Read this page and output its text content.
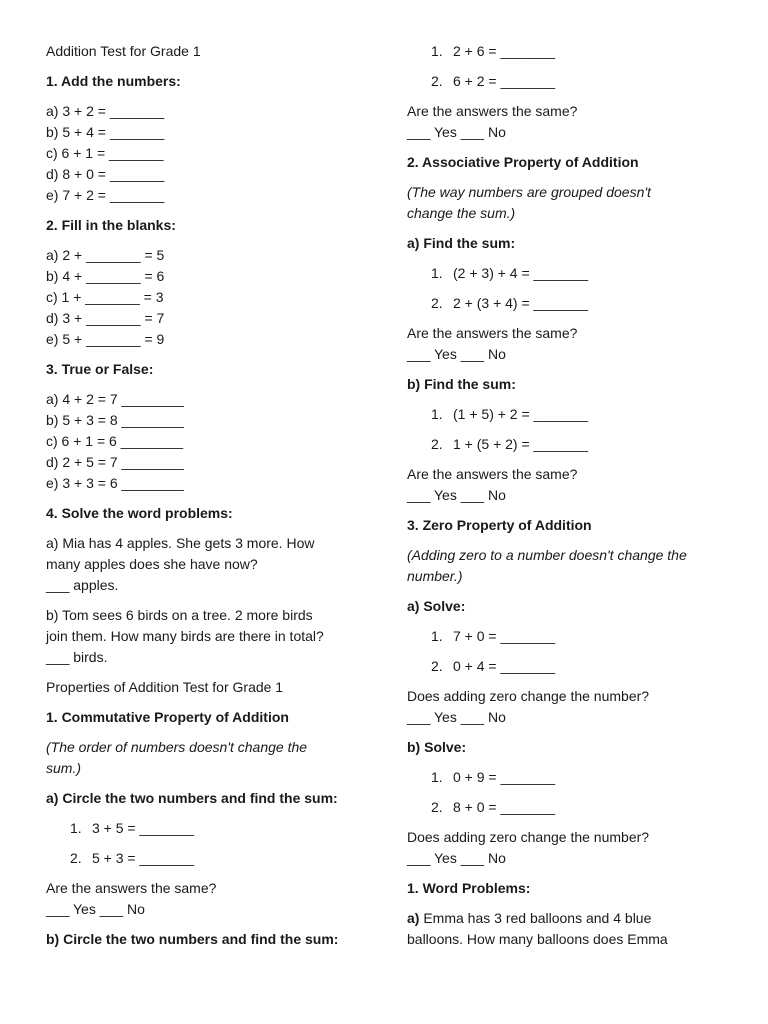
Addition Test for Grade 1

1. Add the numbers:

a) 3 + 2 = _______

b) 5 + 4 = _______

c) 6 + 1 = _______

d) 8 + 0 = _______

e) 7 + 2 = _______

2. Fill in the blanks:

a) 2 + _______ = 5

b) 4 + _______ = 6

c) 1 + _______ = 3

d) 3 + _______ = 7

e) 5 + _______ = 9

3. True or False:

a) 4 + 2 = 7 ________

b) 5 + 3 = 8 ________

c) 6 + 1 = 6 ________

d) 2 + 5 = 7 ________

e) 3 + 3 = 6 ________

4. Solve the word problems:

a) Mia has 4 apples. She gets 3 more. How

many apples does she have now?

___ apples.

b) Tom sees 6 birds on a tree. 2 more birds

join them. How many birds are there in total?

___ birds.

Properties of Addition Test for Grade 1

1. Commutative Property of Addition

(The order of numbers doesn't change the

sum.)

a) Circle the two numbers and find the sum:

1. 3 + 5 = _______
2. 5 + 3 = _______

Are the answers the same?

___ Yes ___ No

b) Circle the two numbers and find the sum:

1. 2 + 6 = _______
2. 6 + 2 = _______

Are the answers the same?

___ Yes ___ No

2. Associative Property of Addition

(The way numbers are grouped doesn't

change the sum.)

a) Find the sum:

1. (2 + 3) + 4 = _______
2. 2 + (3 + 4) = _______

Are the answers the same?

___ Yes ___ No

b) Find the sum:

1. (1 + 5) + 2 = _______
2. 1 + (5 + 2) = _______

Are the answers the same?

___ Yes ___ No

3. Zero Property of Addition

(Adding zero to a number doesn't change the

number.)

a) Solve:

1. 7 + 0 = _______
2. 0 + 4 = _______

Does adding zero change the number?

___ Yes ___ No

b) Solve:

1. 0 + 9 = _______
2. 8 + 0 = _______

Does adding zero change the number?

___ Yes ___ No

1. Word Problems:

a) Emma has 3 red balloons and 4 blue

balloons. How many balloons does Emma
